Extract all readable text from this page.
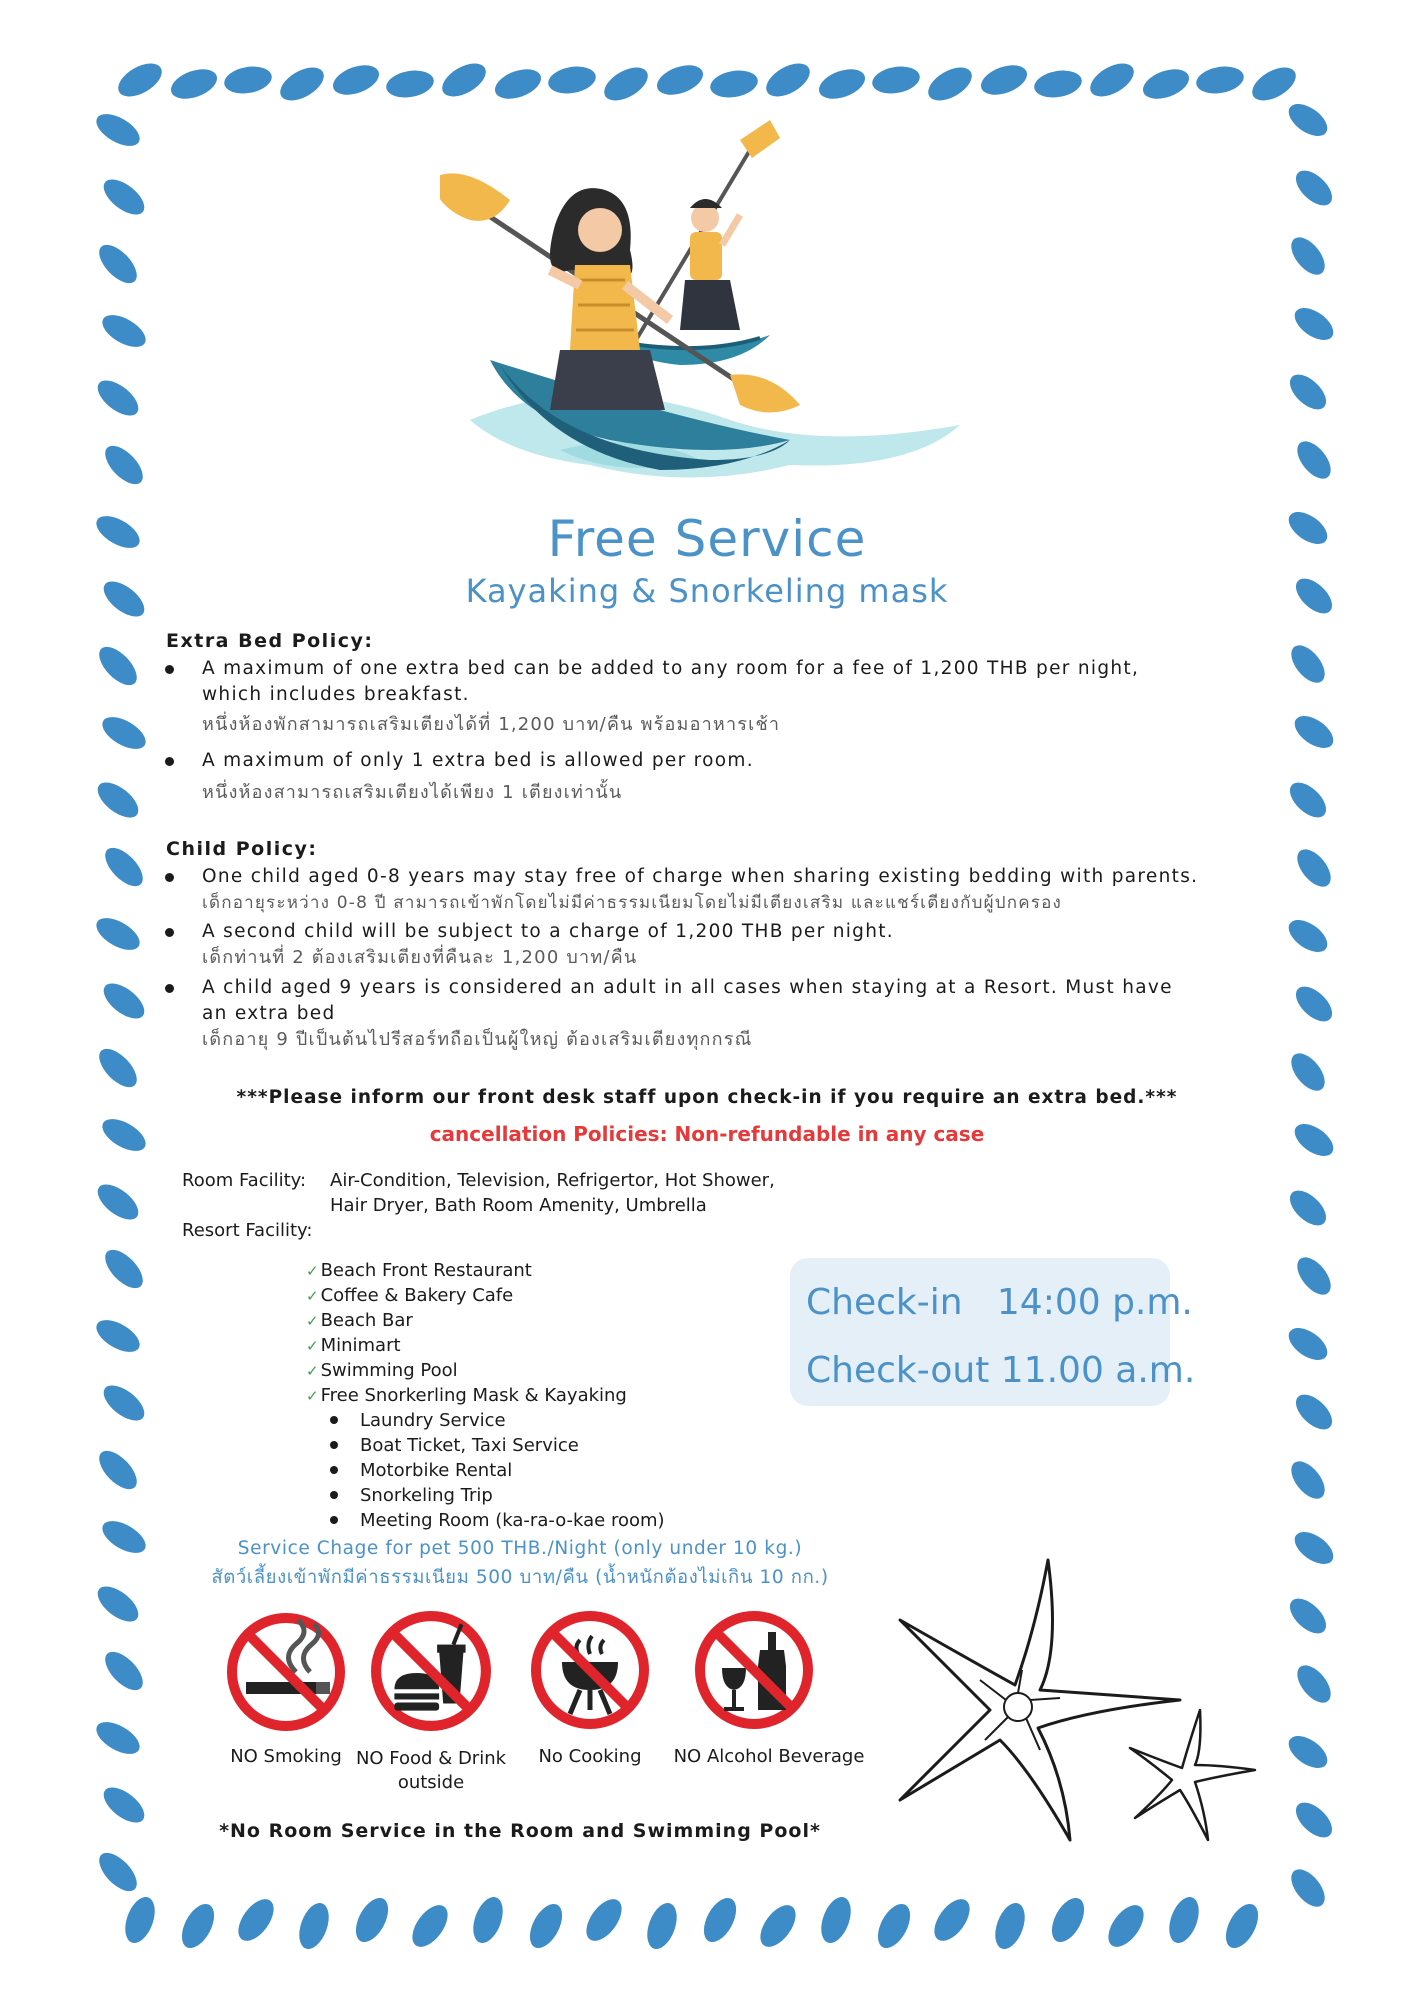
Free Service
Kayaking & Snorkeling mask
Extra Bed Policy:
A maximum of one extra bed can be added to any room for a fee of 1,200 THB per night,
which includes breakfast.
หนึ่งห้องพักสามารถเสริมเตียงได้ที่ 1,200 บาท/คืน พร้อมอาหารเช้า
A maximum of only 1 extra bed is allowed per room.
หนึ่งห้องสามารถเสริมเตียงได้เพียง 1 เตียงเท่านั้น
Child Policy:
One child aged 0-8 years may stay free of charge when sharing existing bedding with parents.
เด็กอายุระหว่าง 0-8 ปี สามารถเข้าพักโดยไม่มีค่าธรรมเนียมโดยไม่มีเตียงเสริม และแชร์เตียงกับผู้ปกครอง
A second child will be subject to a charge of 1,200 THB per night.
เด็กท่านที่ 2 ต้องเสริมเตียงที่คืนละ 1,200 บาท/คืน
A child aged 9 years is considered an adult in all cases when staying at a Resort. Must have
an extra bed
เด็กอายุ 9 ปีเป็นต้นไปรีสอร์ทถือเป็นผู้ใหญ่ ต้องเสริมเตียงทุกกรณี
***Please inform our front desk staff upon check-in if you require an extra bed.***
cancellation Policies: Non-refundable in any case
Room Facility: Air-Condition, Television, Refrigertor, Hot Shower,
Hair Dryer, Bath Room Amenity, Umbrella
Resort Facility:
✓ Beach Front Restaurant
✓ Coffee & Bakery Cafe
✓ Beach Bar
✓ Minimart
✓ Swimming Pool
✓ Free Snorkerling Mask & Kayaking
Laundry Service
Boat Ticket, Taxi Service
Motorbike Rental
Snorkeling Trip
Meeting Room (ka-ra-o-kae room)
Check-in   14:00 p.m.
Check-out 11.00 a.m.
Service Chage for pet 500 THB./Night (only under 10 kg.)
สัตว์เลี้ยงเข้าพักมีค่าธรรมเนียม 500 บาท/คืน (น้ำหนักต้องไม่เกิน 10 กก.)
NO Smoking NO Food & Drink
outside
No Cooking	NO Alcohol Beverage
*No Room Service in the Room and Swimming Pool*
